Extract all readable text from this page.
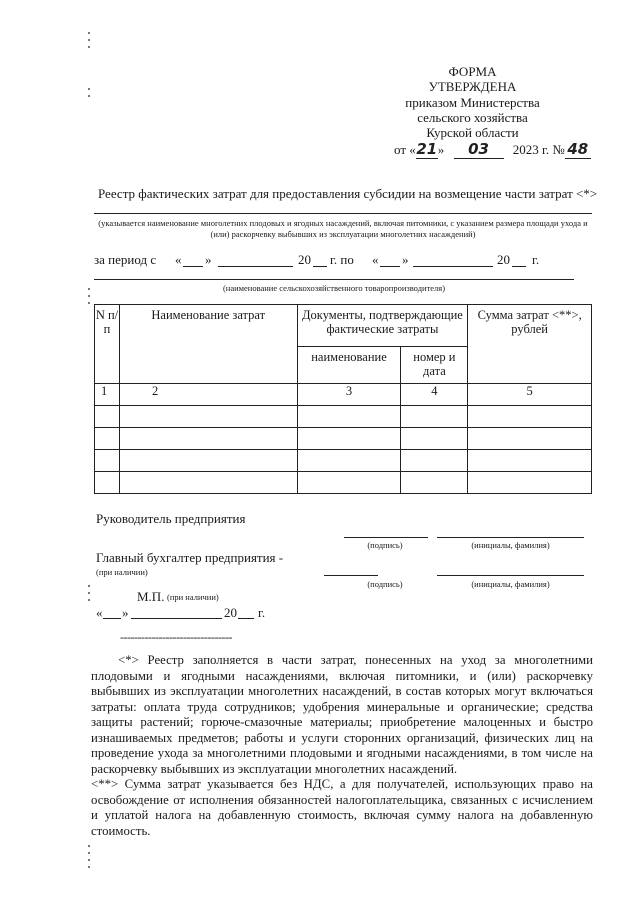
ФОРМА
УТВЕРЖДЕНА
приказом Министерства
сельского хозяйства
Курской области
от «21» 03 2023 г. № 48
Реестр фактических затрат для предоставления субсидии на возмещение части затрат <*>
(указывается наименование многолетних плодовых и ягодных насаждений, включая питомники, с указанием размера площади ухода и (или) раскорчевку выбывших из эксплуатации многолетних насаждений)
за период с « »	20 г. по « »	20 г.
(наименование сельскохозяйственного товаропроизводителя)
N п/п	Наименование затрат	Документы, подтверждающие фактические затраты		Сумма затрат <**>, рублей
		наименование	номер и дата	
1	2	3	4	5

Руководитель предприятия
(подпись)	(инициалы, фамилия)
Главный бухгалтер предприятия -
(при наличии)
(подпись)	(инициалы, фамилия)
М.П. (при наличии)
« »	20 г.
--------------------------------

<*> Реестр заполняется в части затрат, понесенных на уход за многолетними плодовыми и ягодными насаждениями, включая питомники, и (или) раскорчевку выбывших из эксплуатации многолетних насаждений, в состав которых могут включаться затраты: оплата труда сотрудников; удобрения минеральные и органические; средства защиты растений; горюче-смазочные материалы; приобретение малоценных и быстро изнашиваемых предметов; работы и услуги сторонних организаций, физических лиц на проведение ухода за многолетними плодовыми и ягодными насаждениями, в том числе на раскорчевку выбывших из эксплуатации многолетних насаждений.

<**> Сумма затрат указывается без НДС, а для получателей, использующих право на освобождение от исполнения обязанностей налогоплательщика, связанных с исчислением и уплатой налога на добавленную стоимость, включая сумму налога на добавленную стоимость.
